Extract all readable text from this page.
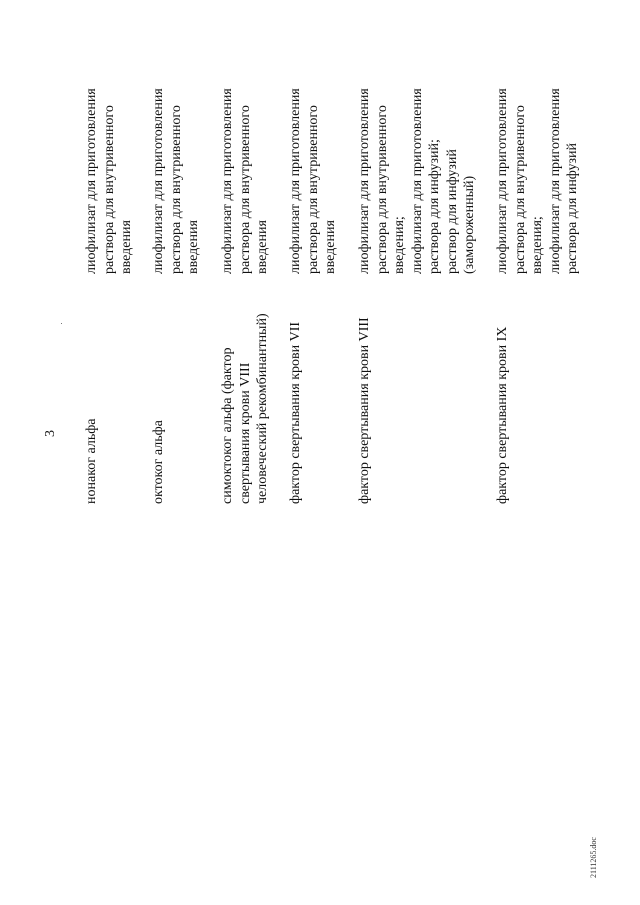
3 нонаког альфа
лиофилизат для приготовления
раствора для внутривенного
введения
октоког альфа
лиофилизат для приготовления
раствора для внутривенного
введения
симоктоког альфа (фактор
свертывания крови VIII
человеческий рекомбинантный)
лиофилизат для приготовления
раствора для внутривенного
введения
фактор свертывания крови VII
лиофилизат для приготовления
раствора для внутривенного
введения
фактор свертывания крови VIII
лиофилизат для приготовления
раствора для внутривенного
введения;
лиофилизат для приготовления
раствора для инфузий;
раствор для инфузий
(замороженный)
фактор свертывания крови IX
лиофилизат для приготовления
раствора для внутривенного
введения;
лиофилизат для приготовления
раствора для инфузий
2111265.doc
